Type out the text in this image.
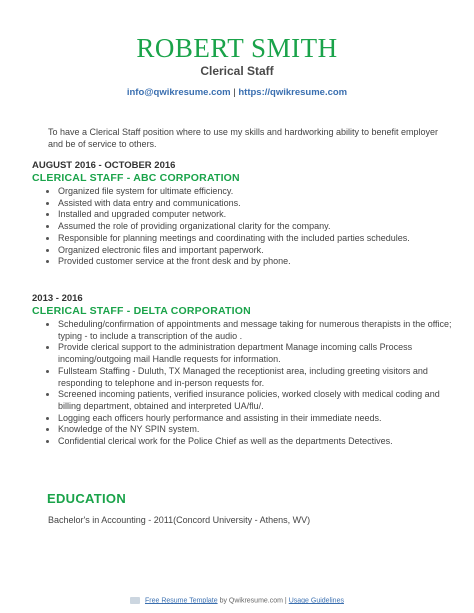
ROBERT SMITH
Clerical Staff
info@qwikresume.com | https://qwikresume.com
To have a Clerical Staff position where to use my skills and hardworking ability to benefit employer and be of service to others.
AUGUST 2016 - OCTOBER 2016
CLERICAL STAFF - ABC CORPORATION
• Organized file system for ultimate efficiency.
• Assisted with data entry and communications.
• Installed and upgraded computer network.
• Assumed the role of providing organizational clarity for the company.
• Responsible for planning meetings and coordinating with the included parties schedules.
• Organized electronic files and important paperwork.
• Provided customer service at the front desk and by phone.
2013 - 2016
CLERICAL STAFF - DELTA CORPORATION
• Scheduling/confirmation of appointments and message taking for numerous therapists in the office; typing - to include a transcription of the audio .
• Provide clerical support to the administration department Manage incoming calls Process incoming/outgoing mail Handle requests for information.
• Fullsteam Staffing - Duluth, TX Managed the receptionist area, including greeting visitors and responding to telephone and in-person requests for.
• Screened incoming patients, verified insurance policies, worked closely with medical coding and billing department, obtained and interpreted UA/flu/.
• Logging each officers hourly performance and assisting in their immediate needs.
• Knowledge of the NY SPIN system.
• Confidential clerical work for the Police Chief as well as the departments Detectives.
EDUCATION
Bachelor's in Accounting - 2011(Concord University - Athens, WV)
Free Resume Template by Qwikresume.com | Usage Guidelines
